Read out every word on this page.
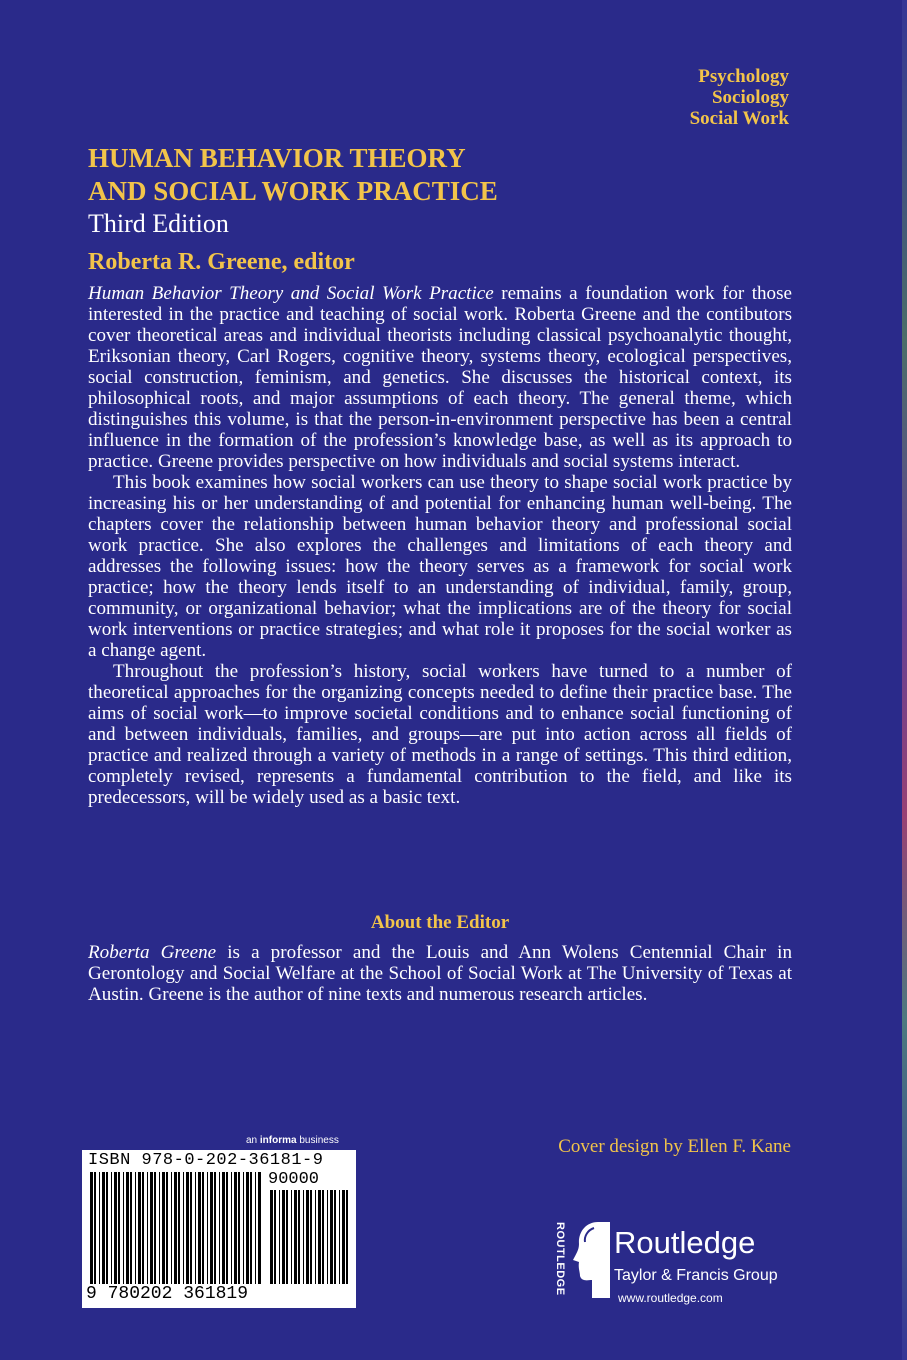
Psychology
Sociology
Social Work
HUMAN BEHAVIOR THEORY
AND SOCIAL WORK PRACTICE
Third Edition
Roberta R. Greene, editor

Human Behavior Theory and Social Work Practice remains a foundation work for those interested in the practice and teaching of social work. Roberta Greene and the contibutors cover theoretical areas and individual theorists including classical psychoanalytic thought, Eriksonian theory, Carl Rogers, cognitive theory, systems theory, ecological perspectives, social construction, feminism, and genetics. She discusses the historical context, its philosophical roots, and major assumptions of each theory. The general theme, which distinguishes this volume, is that the person-in-environment perspective has been a central influence in the formation of the profession’s knowledge base, as well as its approach to practice. Greene provides perspective on how individuals and social systems interact.

This book examines how social workers can use theory to shape social work practice by increasing his or her understanding of and potential for enhancing human well-being. The chapters cover the relationship between human behavior theory and professional social work practice. She also explores the challenges and limitations of each theory and addresses the following issues: how the theory serves as a framework for social work practice; how the theory lends itself to an understanding of individual, family, group, community, or organizational behavior; what the implications are of the theory for social work interventions or practice strategies; and what role it proposes for the social worker as a change agent.

Throughout the profession’s history, social workers have turned to a number of theoretical approaches for the organizing concepts needed to define their practice base. The aims of social work—to improve societal conditions and to enhance social functioning of and between individuals, families, and groups—are put into action across all fields of practice and realized through a variety of methods in a range of settings. This third edition, completely revised, represents a fundamental contribution to the field, and like its predecessors, will be widely used as a basic text.

About the Editor
Roberta Greene is a professor and the Louis and Ann Wolens Centennial Chair in Gerontology and Social Welfare at the School of Social Work at The University of Texas at Austin. Greene is the author of nine texts and numerous research articles.
Cover design by Ellen F. Kane
an informa business
ISBN 978-0-202-36181-9
90000
9 780202 361819	ROUTLEDGE Routledge
Taylor & Francis Group
www.routledge.com
